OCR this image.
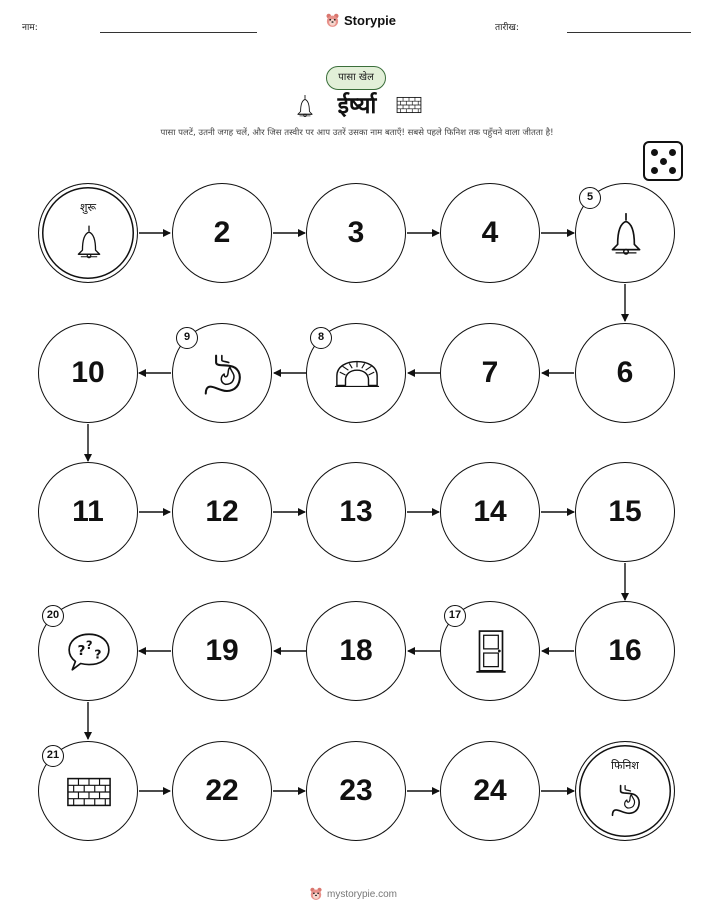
नाम:	Storypie	तारीख:
पासा खेल
ईर्ष्या
पासा पलटें, उतनी जगह चलें, और जिस तस्वीर पर आप उतरें उसका नाम बताएँ! सबसे पहले फिनिश तक पहुँचने वाला जीतता है!
शुरू
2	3	4
5
6
7
8
9
10
11	12	13	14	15
16
17
18
19
20
21
22	23	24
फिनिश
mystorypie.com
